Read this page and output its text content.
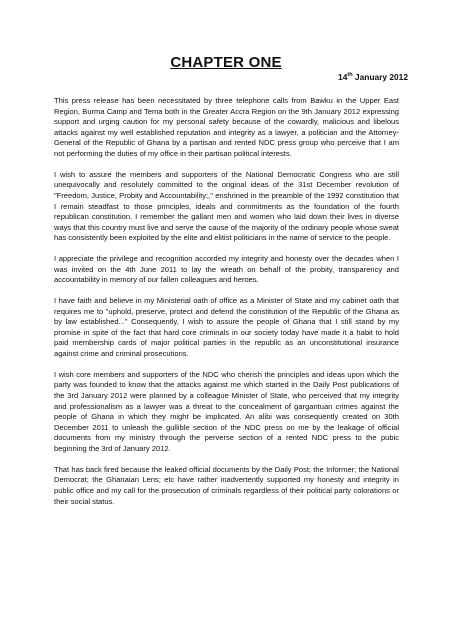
CHAPTER ONE
14th January 2012

This press release has been necessitated by three telephone calls from Bawku in the Upper East Region, Burma Camp and Tema both in the Greater Accra Region on the 9th January 2012 expressing support and urging caution for my personal safety because of the cowardly, malicious and libelous attacks against my well established reputation and integrity as a lawyer, a politician and the Attorney- General of the Republic of Ghana by a partisan and rented NDC press group who perceive that I am not performing the duties of my office in their partisan political interests.

I wish to assure the members and supporters of the National Democratic Congress who are still unequivocally and resolutely committed to the original ideas of the 31st December revolution of "Freedom, Justice, Probity and Accountability;," enshrined in the preamble of the 1992 constitution that I remain steadfast to those principles, ideals and commitments as the foundation of the fourth republican constitution. I remember the gallant men and women who laid down their lives in diverse ways that this country must live and serve the cause of the majority of the ordinary people whose sweat has consistently been exploited by the elite and elitist politicians in the name of service to the people.

I appreciate the privilege and recognition accorded my integrity and honesty over the decades when I was invited on the 4th June 2011 to lay the wreath on behalf of the probity, transparency and accountability in memory of our fallen colleagues and heroes.

I have faith and believe in my Ministerial oath of office as a Minister of State and my cabinet oath that requires me to "uphold, preserve, protect and defend the constitution of the Republic of the Ghana as by law established..." Consequently, I wish to assure the people of Ghana that I still stand by my promise in spite of the fact that hard core criminals in our society today have made it a habit to hold paid membership cards of major political parties in the republic as an unconstitutional insurance against crime and criminal prosecutions.

I wish core members and supporters of the NDC who cherish the principles and ideas upon which the party was founded to know that the attacks against me which started in the Daily Post publications of the 3rd January 2012 were planned by a colleague Minister of State, who perceived that my integrity and professionalism as a lawyer was a threat to the concealment of gargantuan crimes against the people of Ghana in which they might be implicated. An alibi was consequently created on 30th December 2011 to unleash the gullible section of the NDC press on me by the leakage of official documents from my ministry through the perverse section of a rented NDC press to the pubic beginning the 3rd of January 2012.

That has back fired because the leaked official documents by the Daily Post; the Informer; the National Democrat; the Ghanaian Lens; etc have rather inadvertently supported my honesty and integrity in public office and my call for the prosecution of criminals regardless of their political party colorations or their social status.
